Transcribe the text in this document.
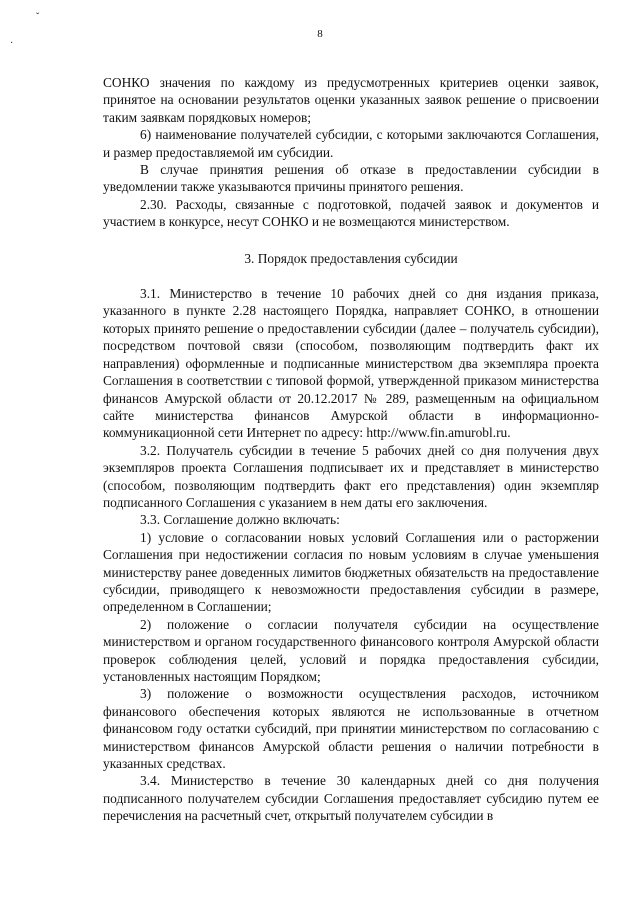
ˇ
·
8

СОНКО значения по каждому из предусмотренных критериев оценки заявок, принятое на основании результатов оценки указанных заявок решение о присвоении таким заявкам порядковых номеров;

6) наименование получателей субсидии, с которыми заключаются Соглашения, и размер предоставляемой им субсидии.

В случае принятия решения об отказе в предоставлении субсидии в уведомлении также указываются причины принятого решения.

2.30. Расходы, связанные с подготовкой, подачей заявок и документов и участием в конкурсе, несут СОНКО и не возмещаются министерством.

3. Порядок предоставления субсидии

3.1. Министерство в течение 10 рабочих дней со дня издания приказа, указанного в пункте 2.28 настоящего Порядка, направляет СОНКО, в отношении которых принято решение о предоставлении субсидии (далее – получатель субсидии), посредством почтовой связи (способом, позволяющим подтвердить факт их направления) оформленные и подписанные министерством два экземпляра проекта Соглашения в соответствии с типовой формой, утвержденной приказом министерства финансов Амурской области от 20.12.2017 № 289, размещенным на официальном сайте министерства финансов Амурской области в информационно-коммуникационной сети Интернет по адресу: http://www.fin.amurobl.ru.

3.2. Получатель субсидии в течение 5 рабочих дней со дня получения двух экземпляров проекта Соглашения подписывает их и представляет в министерство (способом, позволяющим подтвердить факт его представления) один экземпляр подписанного Соглашения с указанием в нем даты его заключения.

3.3. Соглашение должно включать:

1) условие о согласовании новых условий Соглашения или о расторжении Соглашения при недостижении согласия по новым условиям в случае уменьшения министерству ранее доведенных лимитов бюджетных обязательств на предоставление субсидии, приводящего к невозможности предоставления субсидии в размере, определенном в Соглашении;

2) положение о согласии получателя субсидии на осуществление министерством и органом государственного финансового контроля Амурской области проверок соблюдения целей, условий и порядка предоставления субсидии, установленных настоящим Порядком;

3) положение о возможности осуществления расходов, источником финансового обеспечения которых являются не использованные в отчетном финансовом году остатки субсидий, при принятии министерством по согласованию с министерством финансов Амурской области решения о наличии потребности в указанных средствах.

3.4. Министерство в течение 30 календарных дней со дня получения подписанного получателем субсидии Соглашения предоставляет субсидию путем ее перечисления на расчетный счет, открытый получателем субсидии в
